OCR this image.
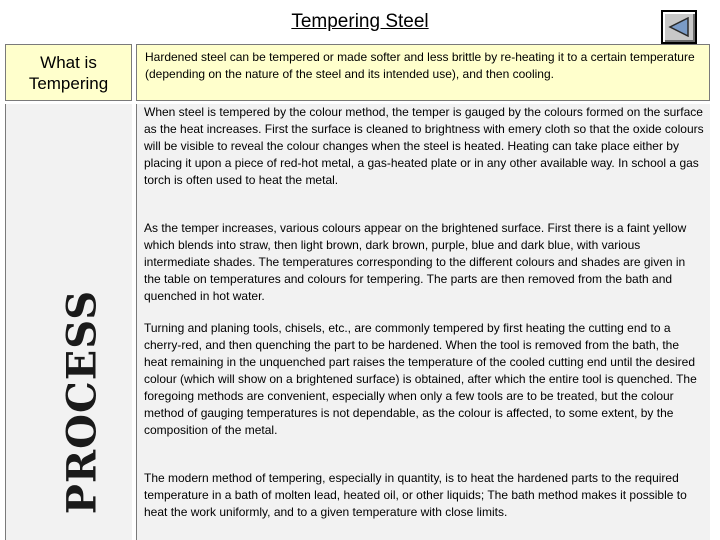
Tempering Steel
What is Tempering
Hardened steel can be tempered or made softer and less brittle by re-heating it to a certain temperature (depending on the nature of the steel and its intended use), and then cooling.
PROCESS

When steel is tempered by the colour method, the temper is gauged by the colours formed on the surface as the heat increases. First the surface is cleaned to brightness with emery cloth so that the oxide colours will be visible to reveal the colour changes when the steel is heated. Heating can take place either by placing it upon a piece of red-hot metal, a gas-heated plate or in any other available way. In school a gas torch is often used to heat the metal.

As the temper increases, various colours appear on the brightened surface. First there is a faint yellow which blends into straw, then light brown, dark brown, purple, blue and dark blue, with various intermediate shades. The temperatures corresponding to the different colours and shades are given in the table on temperatures and colours for tempering. The parts are then removed from the bath and quenched in hot water.

Turning and planing tools, chisels, etc., are commonly tempered by first heating the cutting end to a cherry-red, and then quenching the part to be hardened. When the tool is removed from the bath, the heat remaining in the unquenched part raises the temperature of the cooled cutting end until the desired colour (which will show on a brightened surface) is obtained, after which the entire tool is quenched. The foregoing methods are convenient, especially when only a few tools are to be treated, but the colour method of gauging temperatures is not dependable, as the colour is affected, to some extent, by the composition of the metal.

The modern method of tempering, especially in quantity, is to heat the hardened parts to the required temperature in a bath of molten lead, heated oil, or other liquids; The bath method makes it possible to heat the work uniformly, and to a given temperature with close limits.
